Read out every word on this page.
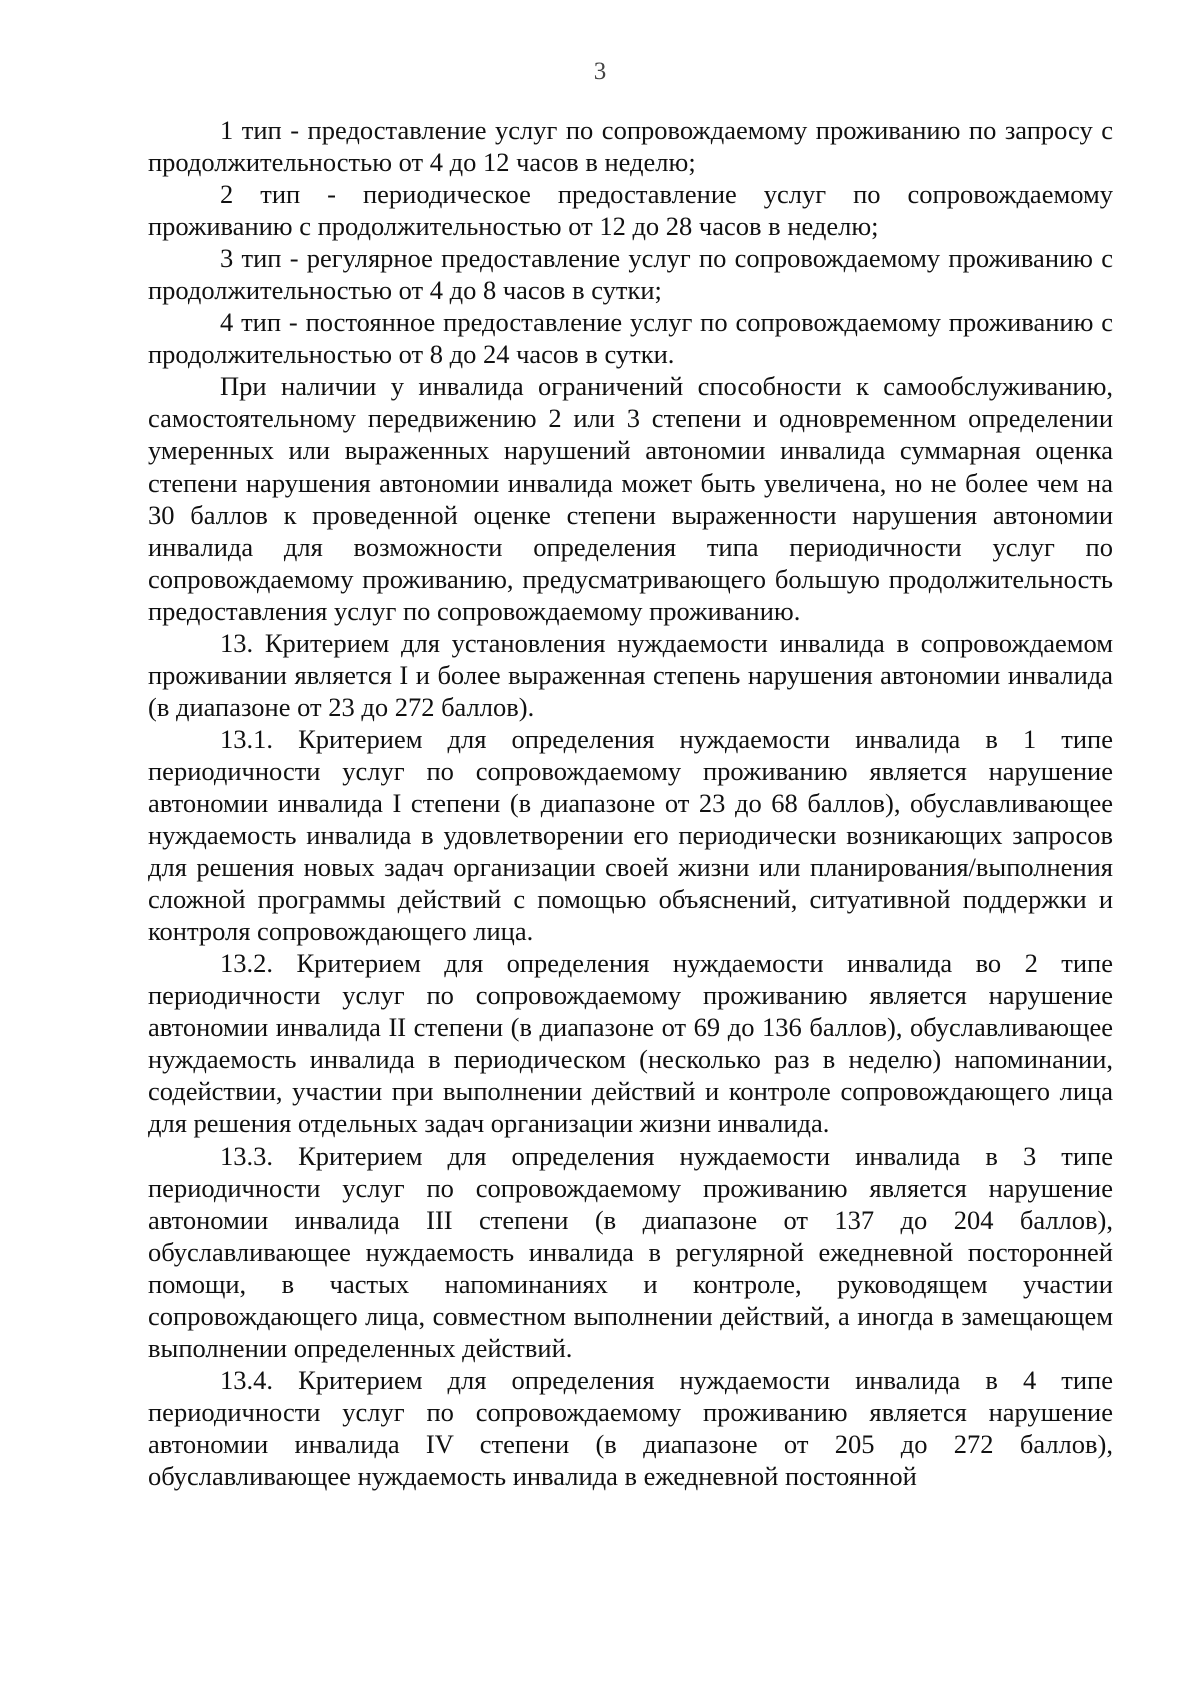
3

1 тип - предоставление услуг по сопровождаемому проживанию по запросу с продолжительностью от 4 до 12 часов в неделю;

2 тип - периодическое предоставление услуг по сопровождаемому проживанию с продолжительностью от 12 до 28 часов в неделю;

3 тип - регулярное предоставление услуг по сопровождаемому проживанию с продолжительностью от 4 до 8 часов в сутки;

4 тип - постоянное предоставление услуг по сопровождаемому проживанию с продолжительностью от 8 до 24 часов в сутки.

При наличии у инвалида ограничений способности к самообслуживанию, самостоятельному передвижению 2 или 3 степени и одновременном определении умеренных или выраженных нарушений автономии инвалида суммарная оценка степени нарушения автономии инвалида может быть увеличена, но не более чем на 30 баллов к проведенной оценке степени выраженности нарушения автономии инвалида для возможности определения типа периодичности услуг по сопровождаемому проживанию, предусматривающего большую продолжительность предоставления услуг по сопровождаемому проживанию.

13. Критерием для установления нуждаемости инвалида в сопровождаемом проживании является I и более выраженная степень нарушения автономии инвалида (в диапазоне от 23 до 272 баллов).

13.1. Критерием для определения нуждаемости инвалида в 1 типе периодичности услуг по сопровождаемому проживанию является нарушение автономии инвалида I степени (в диапазоне от 23 до 68 баллов), обуславливающее нуждаемость инвалида в удовлетворении его периодически возникающих запросов для решения новых задач организации своей жизни или планирования/выполнения сложной программы действий с помощью объяснений, ситуативной поддержки и контроля сопровождающего лица.

13.2. Критерием для определения нуждаемости инвалида во 2 типе периодичности услуг по сопровождаемому проживанию является нарушение автономии инвалида II степени (в диапазоне от 69 до 136 баллов), обуславливающее нуждаемость инвалида в периодическом (несколько раз в неделю) напоминании, содействии, участии при выполнении действий и контроле сопровождающего лица для решения отдельных задач организации жизни инвалида.

13.3. Критерием для определения нуждаемости инвалида в 3 типе периодичности услуг по сопровождаемому проживанию является нарушение автономии инвалида III степени (в диапазоне от 137 до 204 баллов), обуславливающее нуждаемость инвалида в регулярной ежедневной посторонней помощи, в частых напоминаниях и контроле, руководящем участии сопровождающего лица, совместном выполнении действий, а иногда в замещающем выполнении определенных действий.

13.4. Критерием для определения нуждаемости инвалида в 4 типе периодичности услуг по сопровождаемому проживанию является нарушение автономии инвалида IV степени (в диапазоне от 205 до 272 баллов), обуславливающее нуждаемость инвалида в ежедневной постоянной
